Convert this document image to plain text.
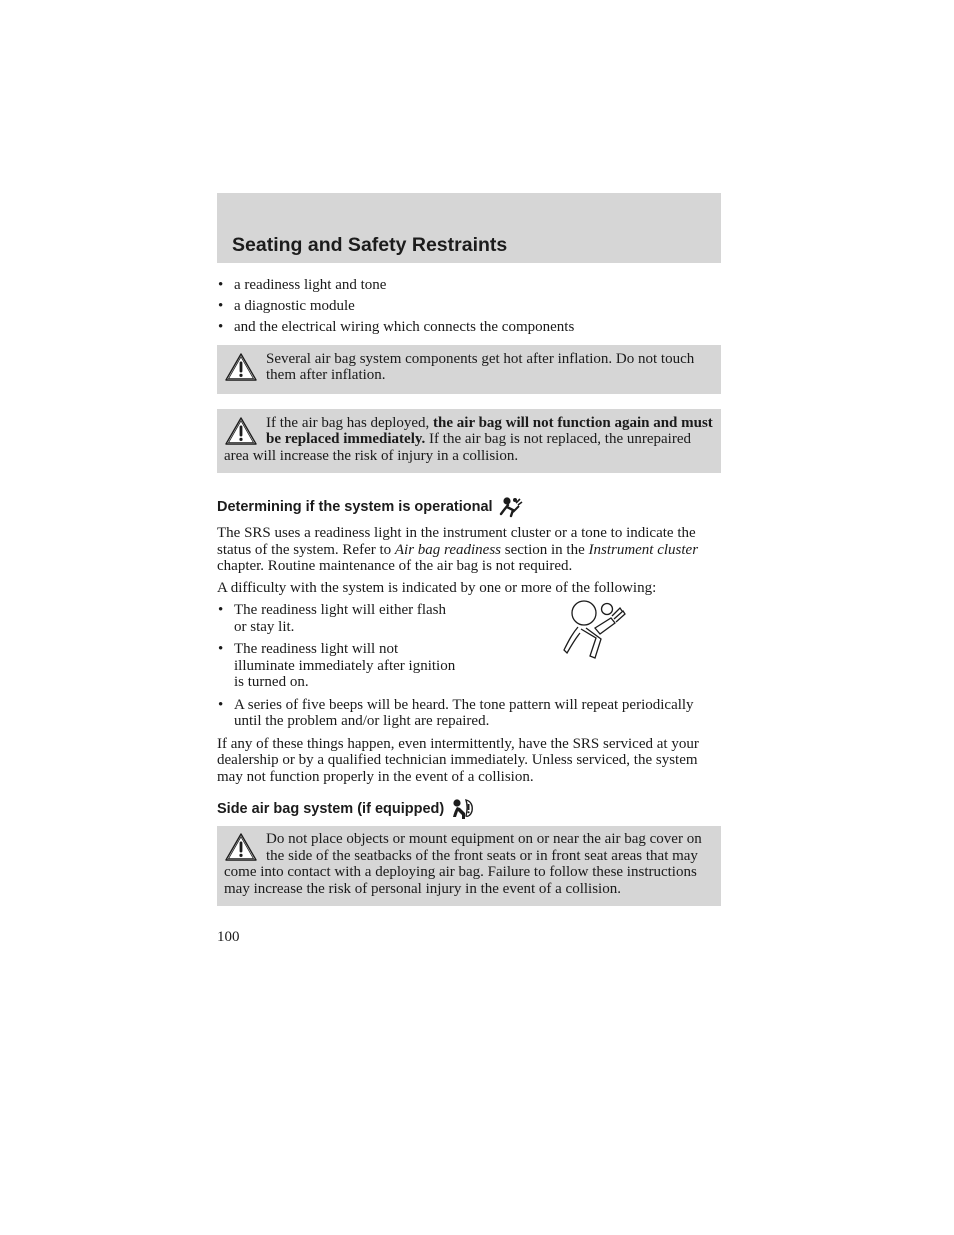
Seating and Safety Restraints
• a readiness light and tone
• a diagnostic module
• and the electrical wiring which connects the components

Several air bag system components get hot after inflation. Do not touch them after inflation.

If the air bag has deployed, the air bag will not function again and must be replaced immediately. If the air bag is not replaced, the unrepaired area will increase the risk of injury in a collision.

Determining if the system is operational

The SRS uses a readiness light in the instrument cluster or a tone to indicate the status of the system. Refer to Air bag readiness section in the Instrument cluster chapter. Routine maintenance of the air bag is not required.

A difficulty with the system is indicated by one or more of the following:

• The readiness light will either flash or stay lit.
• The readiness light will not illuminate immediately after ignition is turned on.
• A series of five beeps will be heard. The tone pattern will repeat periodically until the problem and/or light are repaired.

If any of these things happen, even intermittently, have the SRS serviced at your dealership or by a qualified technician immediately. Unless serviced, the system may not function properly in the event of a collision.

Side air bag system (if equipped)

Do not place objects or mount equipment on or near the air bag cover on the side of the seatbacks of the front seats or in front seat areas that may come into contact with a deploying air bag. Failure to follow these instructions may increase the risk of personal injury in the event of a collision.

100
